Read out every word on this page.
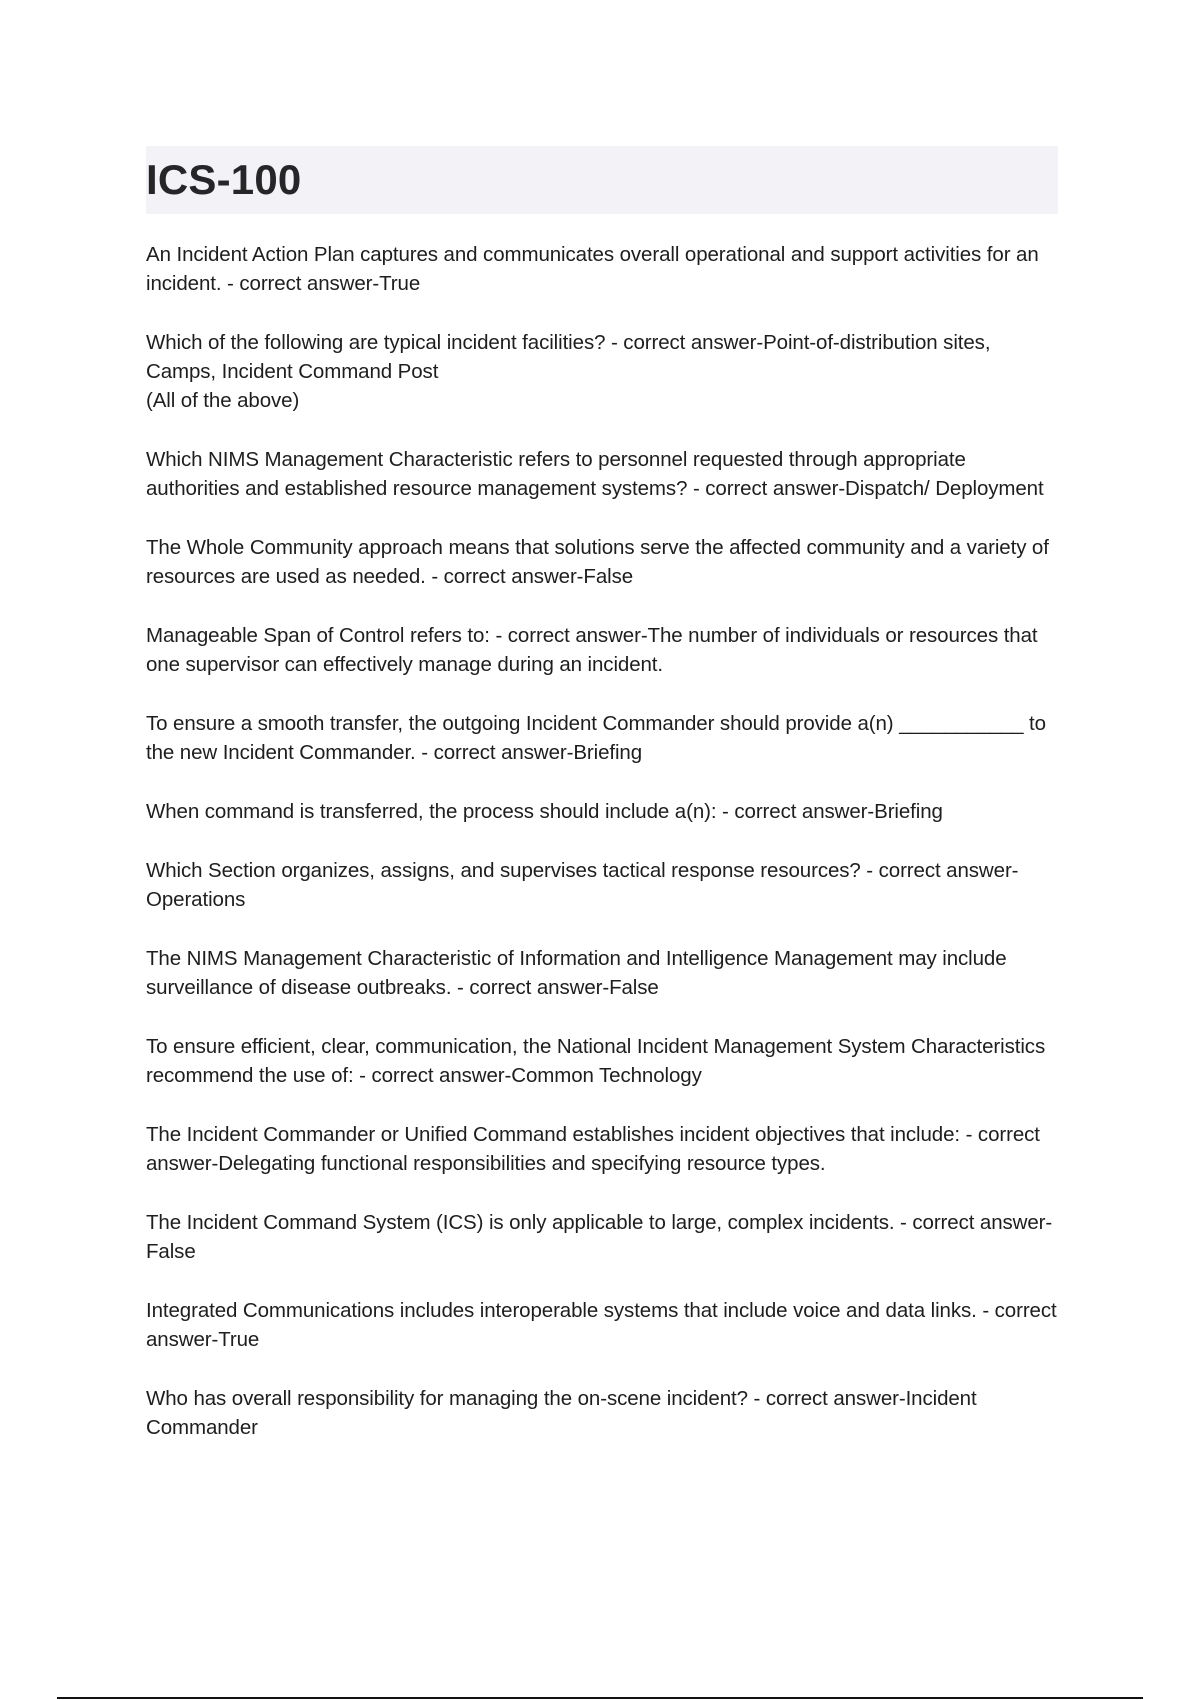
ICS-100

An Incident Action Plan captures and communicates overall operational and support activities for an incident. - correct answer-True

Which of the following are typical incident facilities? - correct answer-Point-of-distribution sites, Camps, Incident Command Post
(All of the above)

Which NIMS Management Characteristic refers to personnel requested through appropriate authorities and established resource management systems? - correct answer-Dispatch/ Deployment

The Whole Community approach means that solutions serve the affected community and a variety of resources are used as needed. - correct answer-False

Manageable Span of Control refers to: - correct answer-The number of individuals or resources that one supervisor can effectively manage during an incident.

To ensure a smooth transfer, the outgoing Incident Commander should provide a(n) ___________ to the new Incident Commander. - correct answer-Briefing

When command is transferred, the process should include a(n): - correct answer-Briefing

Which Section organizes, assigns, and supervises tactical response resources? - correct answer-Operations

The NIMS Management Characteristic of Information and Intelligence Management may include surveillance of disease outbreaks. - correct answer-False

To ensure efficient, clear, communication, the National Incident Management System Characteristics recommend the use of: - correct answer-Common Technology

The Incident Commander or Unified Command establishes incident objectives that include: - correct answer-Delegating functional responsibilities and specifying resource types.

The Incident Command System (ICS) is only applicable to large, complex incidents. - correct answer-False

Integrated Communications includes interoperable systems that include voice and data links. - correct answer-True

Who has overall responsibility for managing the on-scene incident? - correct answer-Incident Commander
